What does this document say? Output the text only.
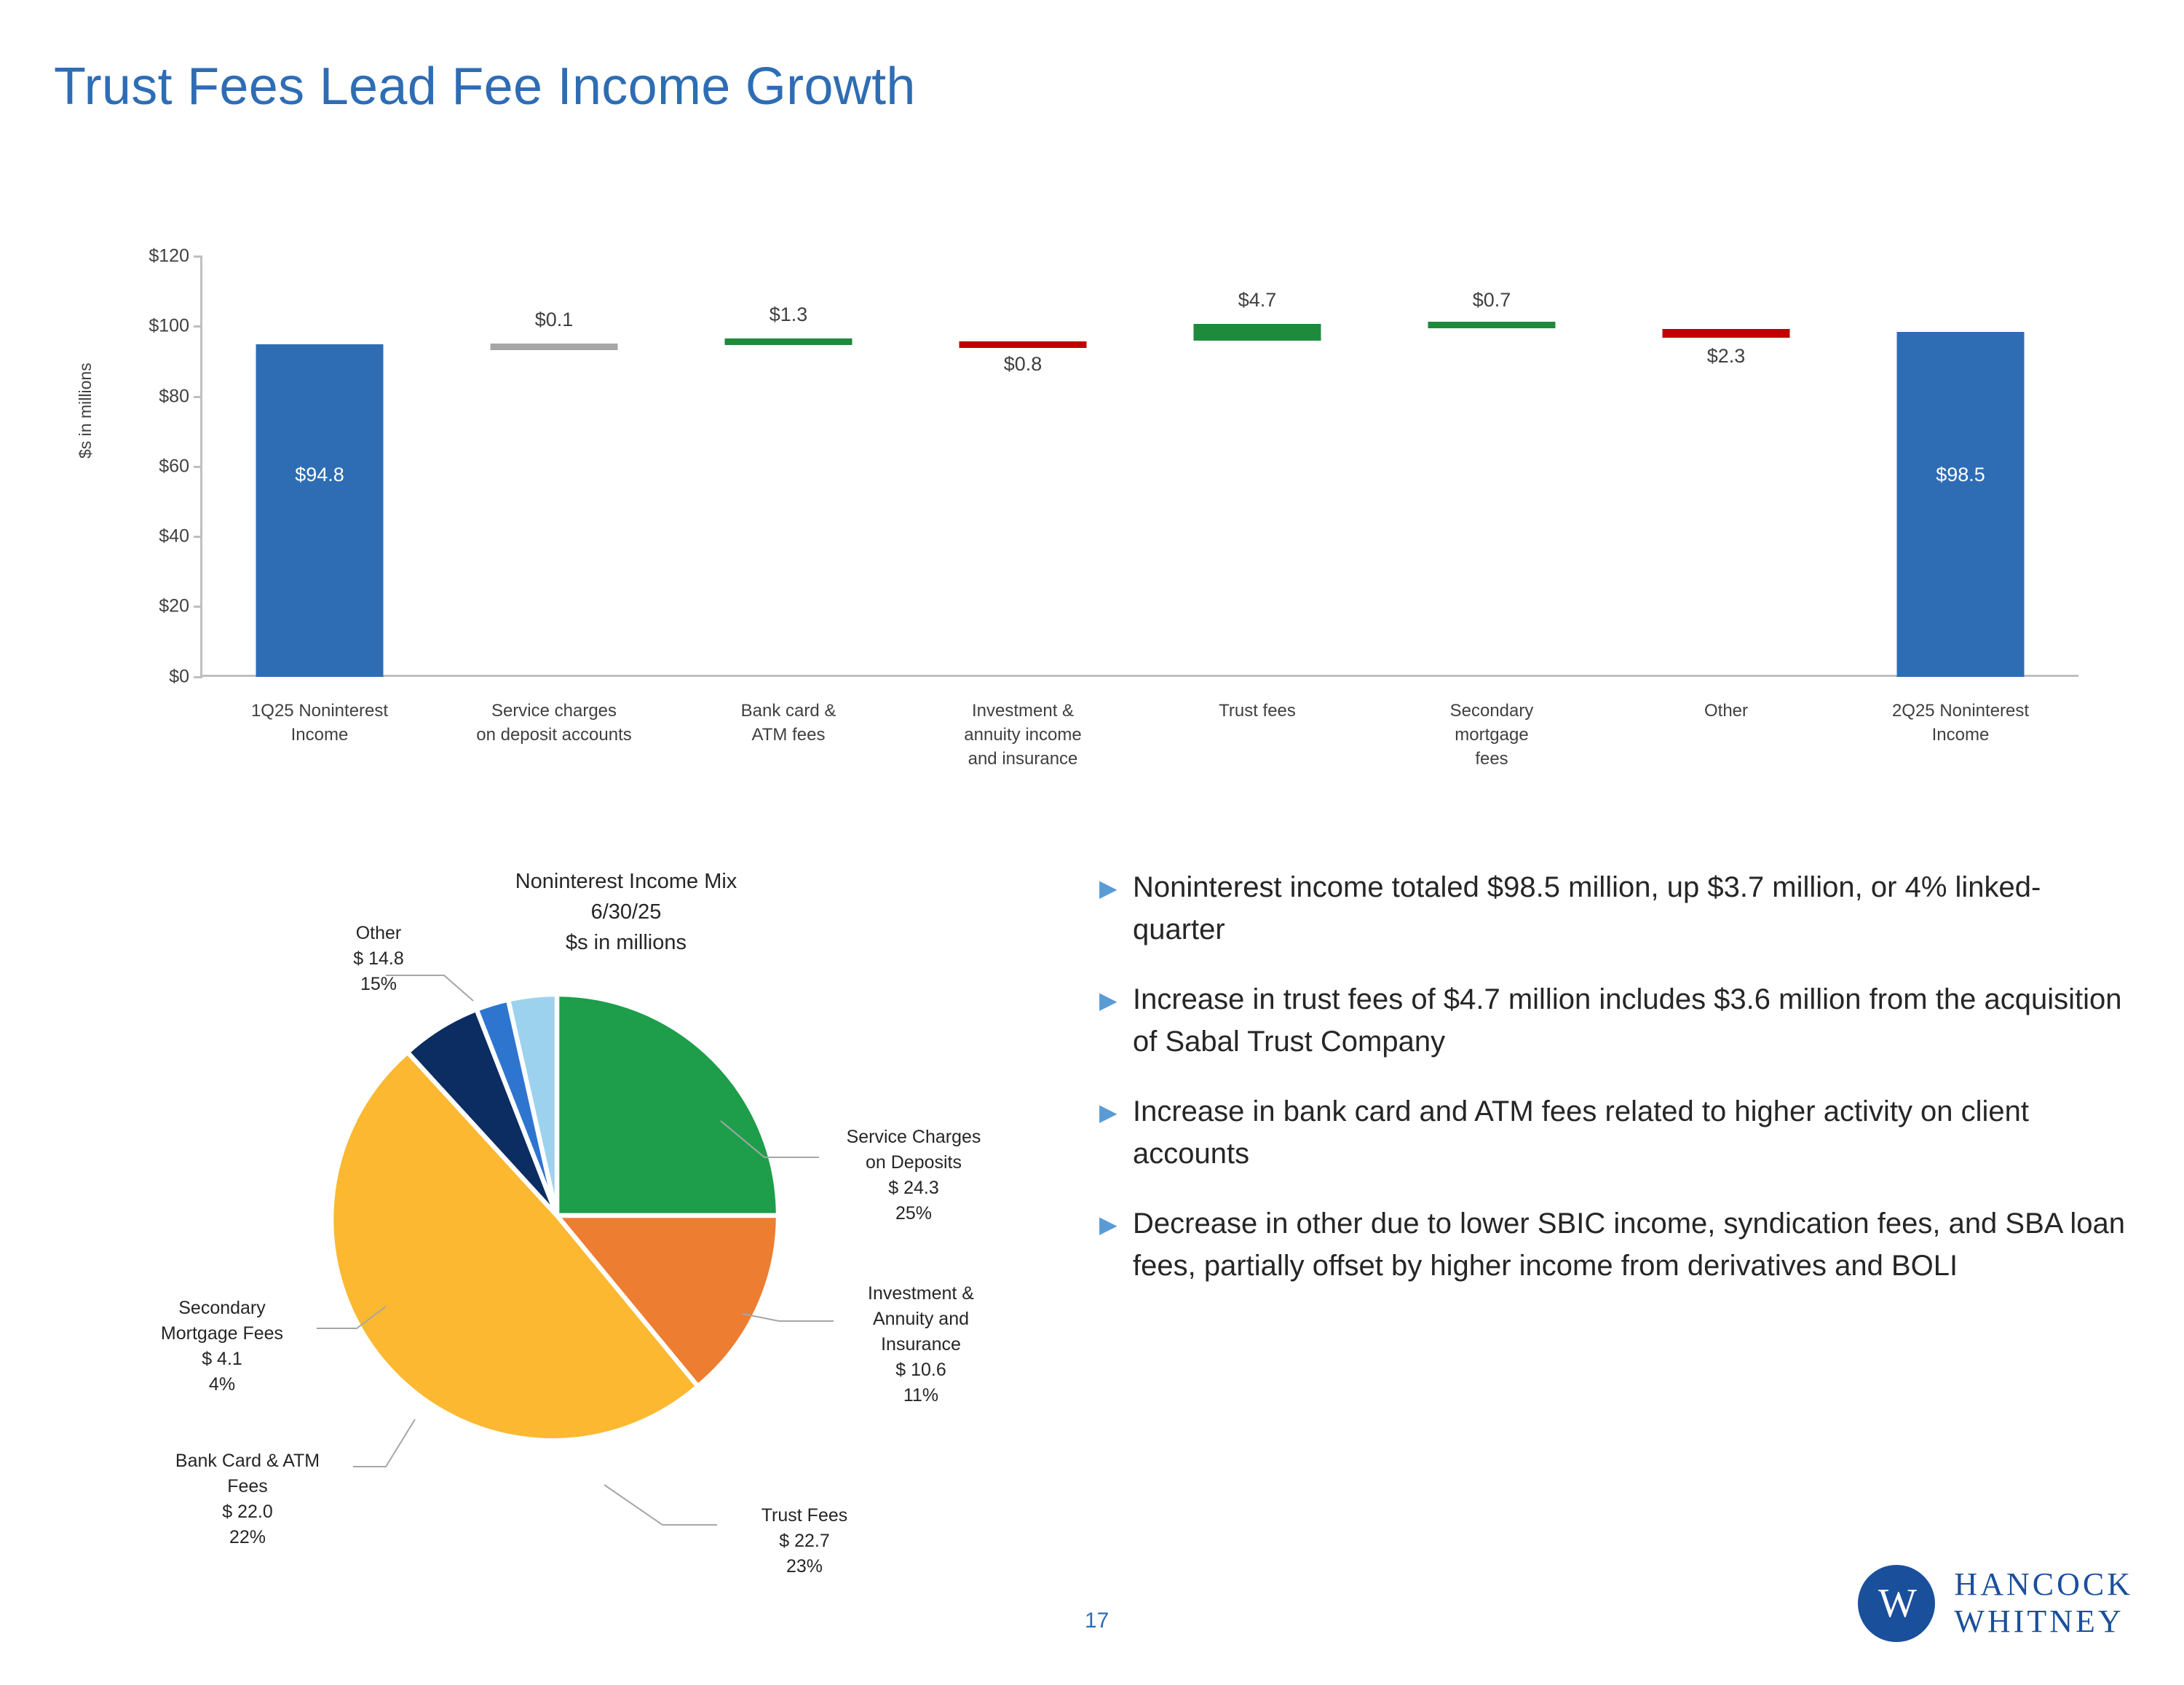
Trust Fees Lead Fee Income Growth
$s in millions
$0
$20
$40
$60
$80
$100
$120
$94.8
1Q25 Noninterest
Income
$0.1
Service charges
on deposit accounts
$1.3
Bank card &
ATM fees
$0.8
Investment &
annuity income
and insurance
$4.7
Trust fees
$0.7
Secondary
mortgage
fees
$2.3
Other
$98.5
2Q25 Noninterest
Income
Noninterest Income Mix
6/30/25
$s in millions
Service Charges
on Deposits
$ 24.3
25%
Investment &
Annuity and
Insurance
$ 10.6
11%
Trust Fees
$ 22.7
23%
Bank Card & ATM
Fees
$ 22.0
22%
Secondary
Mortgage Fees
$ 4.1
4%
Other
$ 14.8
15%
▶ Noninterest income totaled $98.5 million, up $3.7 million, or 4% linked-quarter
▶ Increase in trust fees of $4.7 million includes $3.6 million from the acquisition of Sabal Trust Company
▶ Increase in bank card and ATM fees related to higher activity on client accounts
▶ Decrease in other due to lower SBIC income, syndication fees, and SBA loan fees, partially offset by higher income from derivatives and BOLI
17	W	HANCOCK
WHITNEY
